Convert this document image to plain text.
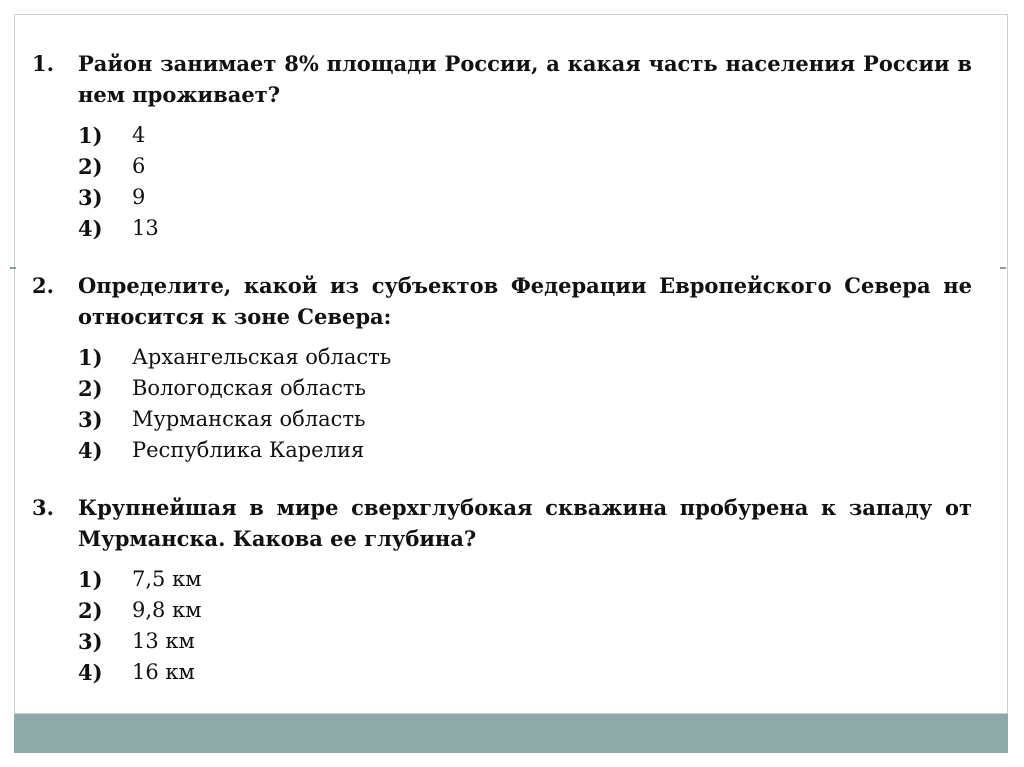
1.	Район занимает 8% площади России, а какая часть населения России в нем проживает?
1)	4
2)	6
3)	9
4)	13
2.	Определите, какой из субъектов Федерации Европейского Севера не относится к зоне Севера:
1)	Архангельская область
2)	Вологодская область
3)	Мурманская область
4)	Республика Карелия
3.	Крупнейшая в мире сверхглубокая скважина пробурена к западу от Мурманска. Какова ее глубина?
1)	7,5 км
2)	9,8 км
3)	13 км
4)	16 км
